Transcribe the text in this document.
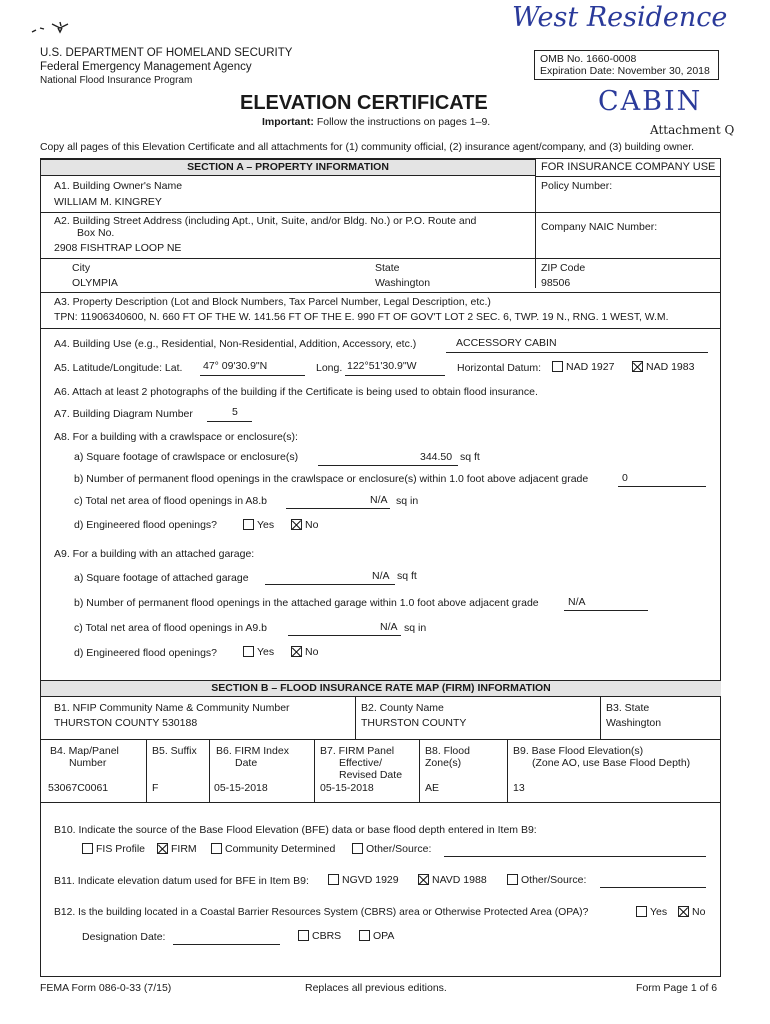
West Residence
CABIN
Attachment Q
U.S. DEPARTMENT OF HOMELAND SECURITY
Federal Emergency Management Agency
National Flood Insurance Program
OMB No. 1660-0008
Expiration Date: November 30, 2018
ELEVATION CERTIFICATE
Important: Follow the instructions on pages 1–9.
Copy all pages of this Elevation Certificate and all attachments for (1) community official, (2) insurance agent/company, and (3) building owner.
SECTION A – PROPERTY INFORMATION	FOR INSURANCE COMPANY USE
A1. Building Owner's Name
WILLIAM M. KINGREY
Policy Number:
A2. Building Street Address (including Apt., Unit, Suite, and/or Bldg. No.) or P.O. Route and
Box No.
2908 FISHTRAP LOOP NE
Company NAIC Number:
City
OLYMPIA
State
Washington
ZIP Code
98506
A3. Property Description (Lot and Block Numbers, Tax Parcel Number, Legal Description, etc.)
TPN: 11906340600, N. 660 FT OF THE W. 141.56 FT OF THE E. 990 FT OF GOV'T LOT 2 SEC. 6, TWP. 19 N., RNG. 1 WEST, W.M.
A4. Building Use (e.g., Residential, Non-Residential, Addition, Accessory, etc.)	ACCESSORY CABIN
A5. Latitude/Longitude: Lat. 47° 09'30.9"N	Long. 122°51'30.9"W	Horizontal Datum:	NAD 1927	NAD 1983
A6. Attach at least 2 photographs of the building if the Certificate is being used to obtain flood insurance.
A7. Building Diagram Number	5
A8. For a building with a crawlspace or enclosure(s):
a) Square footage of crawlspace or enclosure(s)	344.50 sq ft
b) Number of permanent flood openings in the crawlspace or enclosure(s) within 1.0 foot above adjacent grade	0
c) Total net area of flood openings in A8.b	N/A sq in
d) Engineered flood openings?	Yes	No
A9. For a building with an attached garage:
a) Square footage of attached garage	N/A sq ft
b) Number of permanent flood openings in the attached garage within 1.0 foot above adjacent grade	N/A
c) Total net area of flood openings in A9.b	N/A sq in
d) Engineered flood openings?	Yes	No
SECTION B – FLOOD INSURANCE RATE MAP (FIRM) INFORMATION
B1. NFIP Community Name & Community Number
THURSTON COUNTY 530188
B2. County Name
THURSTON COUNTY
B3. State
Washington
B4. Map/Panel
Number
53067C0061
B5. Suffix
F
B6. FIRM Index
Date
05-15-2018
B7. FIRM Panel
Effective/
Revised Date
05-15-2018
B8. Flood
Zone(s)
AE
B9. Base Flood Elevation(s)
(Zone AO, use Base Flood Depth)
13
B10. Indicate the source of the Base Flood Elevation (BFE) data or base flood depth entered in Item B9:
FIS Profile	FIRM	Community Determined	Other/Source:
B11. Indicate elevation datum used for BFE in Item B9:	NGVD 1929	NAVD 1988	Other/Source:
B12. Is the building located in a Coastal Barrier Resources System (CBRS) area or Otherwise Protected Area (OPA)?	Yes	No
Designation Date:	CBRS	OPA
FEMA Form 086-0-33 (7/15)	Replaces all previous editions.	Form Page 1 of 6
